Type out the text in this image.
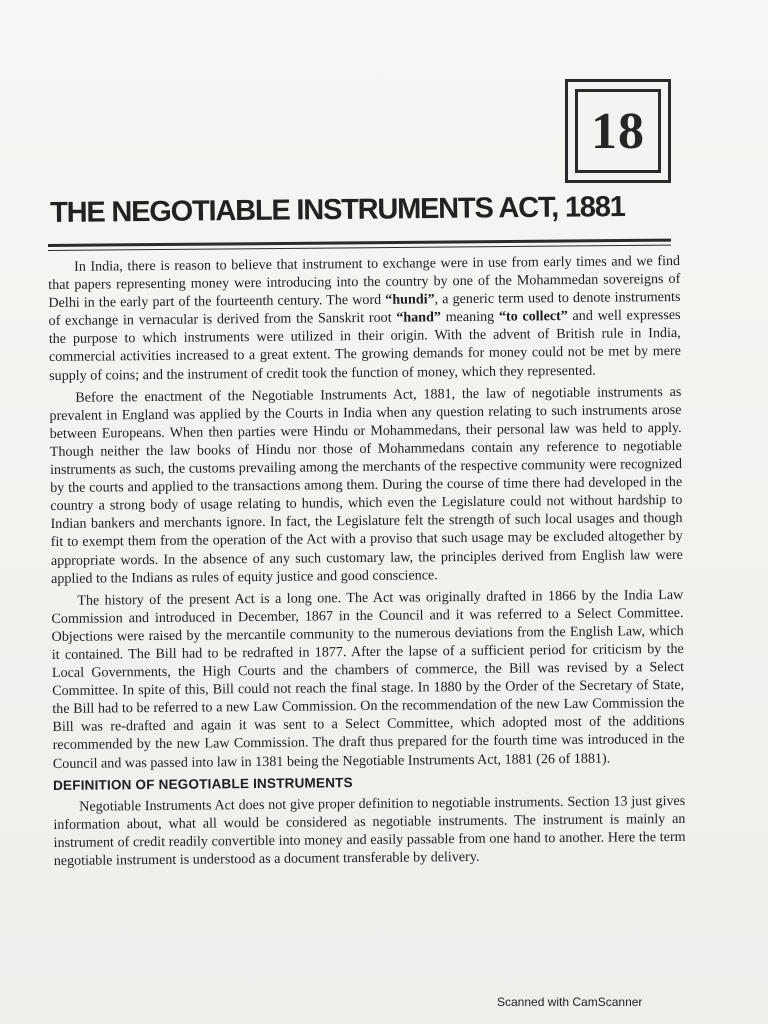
18
THE NEGOTIABLE INSTRUMENTS ACT, 1881

In India, there is reason to believe that instrument to exchange were in use from early times and we find that papers representing money were introducing into the country by one of the Mohammedan sovereigns of Delhi in the early part of the fourteenth century. The word “hundi”, a generic term used to denote instruments of exchange in vernacular is derived from the Sanskrit root “hand” meaning “to collect” and well expresses the purpose to which instruments were utilized in their origin. With the advent of British rule in India, commercial activities increased to a great extent. The growing demands for money could not be met by mere supply of coins; and the instrument of credit took the function of money, which they represented.

Before the enactment of the Negotiable Instruments Act, 1881, the law of negotiable instruments as prevalent in England was applied by the Courts in India when any question relating to such instruments arose between Europeans. When then parties were Hindu or Mohammedans, their personal law was held to apply. Though neither the law books of Hindu nor those of Mohammedans contain any reference to negotiable instruments as such, the customs prevailing among the merchants of the respective community were recognized by the courts and applied to the transactions among them. During the course of time there had developed in the country a strong body of usage relating to hundis, which even the Legislature could not without hardship to Indian bankers and merchants ignore. In fact, the Legislature felt the strength of such local usages and though fit to exempt them from the operation of the Act with a proviso that such usage may be excluded altogether by appropriate words. In the absence of any such customary law, the principles derived from English law were applied to the Indians as rules of equity justice and good conscience.

The history of the present Act is a long one. The Act was originally drafted in 1866 by the India Law Commission and introduced in December, 1867 in the Council and it was referred to a Select Committee. Objections were raised by the mercantile community to the numerous deviations from the English Law, which it contained. The Bill had to be redrafted in 1877. After the lapse of a sufficient period for criticism by the Local Governments, the High Courts and the chambers of commerce, the Bill was revised by a Select Committee. In spite of this, Bill could not reach the final stage. In 1880 by the Order of the Secretary of State, the Bill had to be referred to a new Law Commission. On the recommendation of the new Law Commission the Bill was re-drafted and again it was sent to a Select Committee, which adopted most of the additions recommended by the new Law Commission. The draft thus prepared for the fourth time was introduced in the Council and was passed into law in 1381 being the Negotiable Instruments Act, 1881 (26 of 1881).

DEFINITION OF NEGOTIABLE INSTRUMENTS

Negotiable Instruments Act does not give proper definition to negotiable instruments. Section 13 just gives information about, what all would be considered as negotiable instruments. The instrument is mainly an instrument of credit readily convertible into money and easily passable from one hand to another. Here the term negotiable instrument is understood as a document transferable by delivery.

Scanned with CamScanner
